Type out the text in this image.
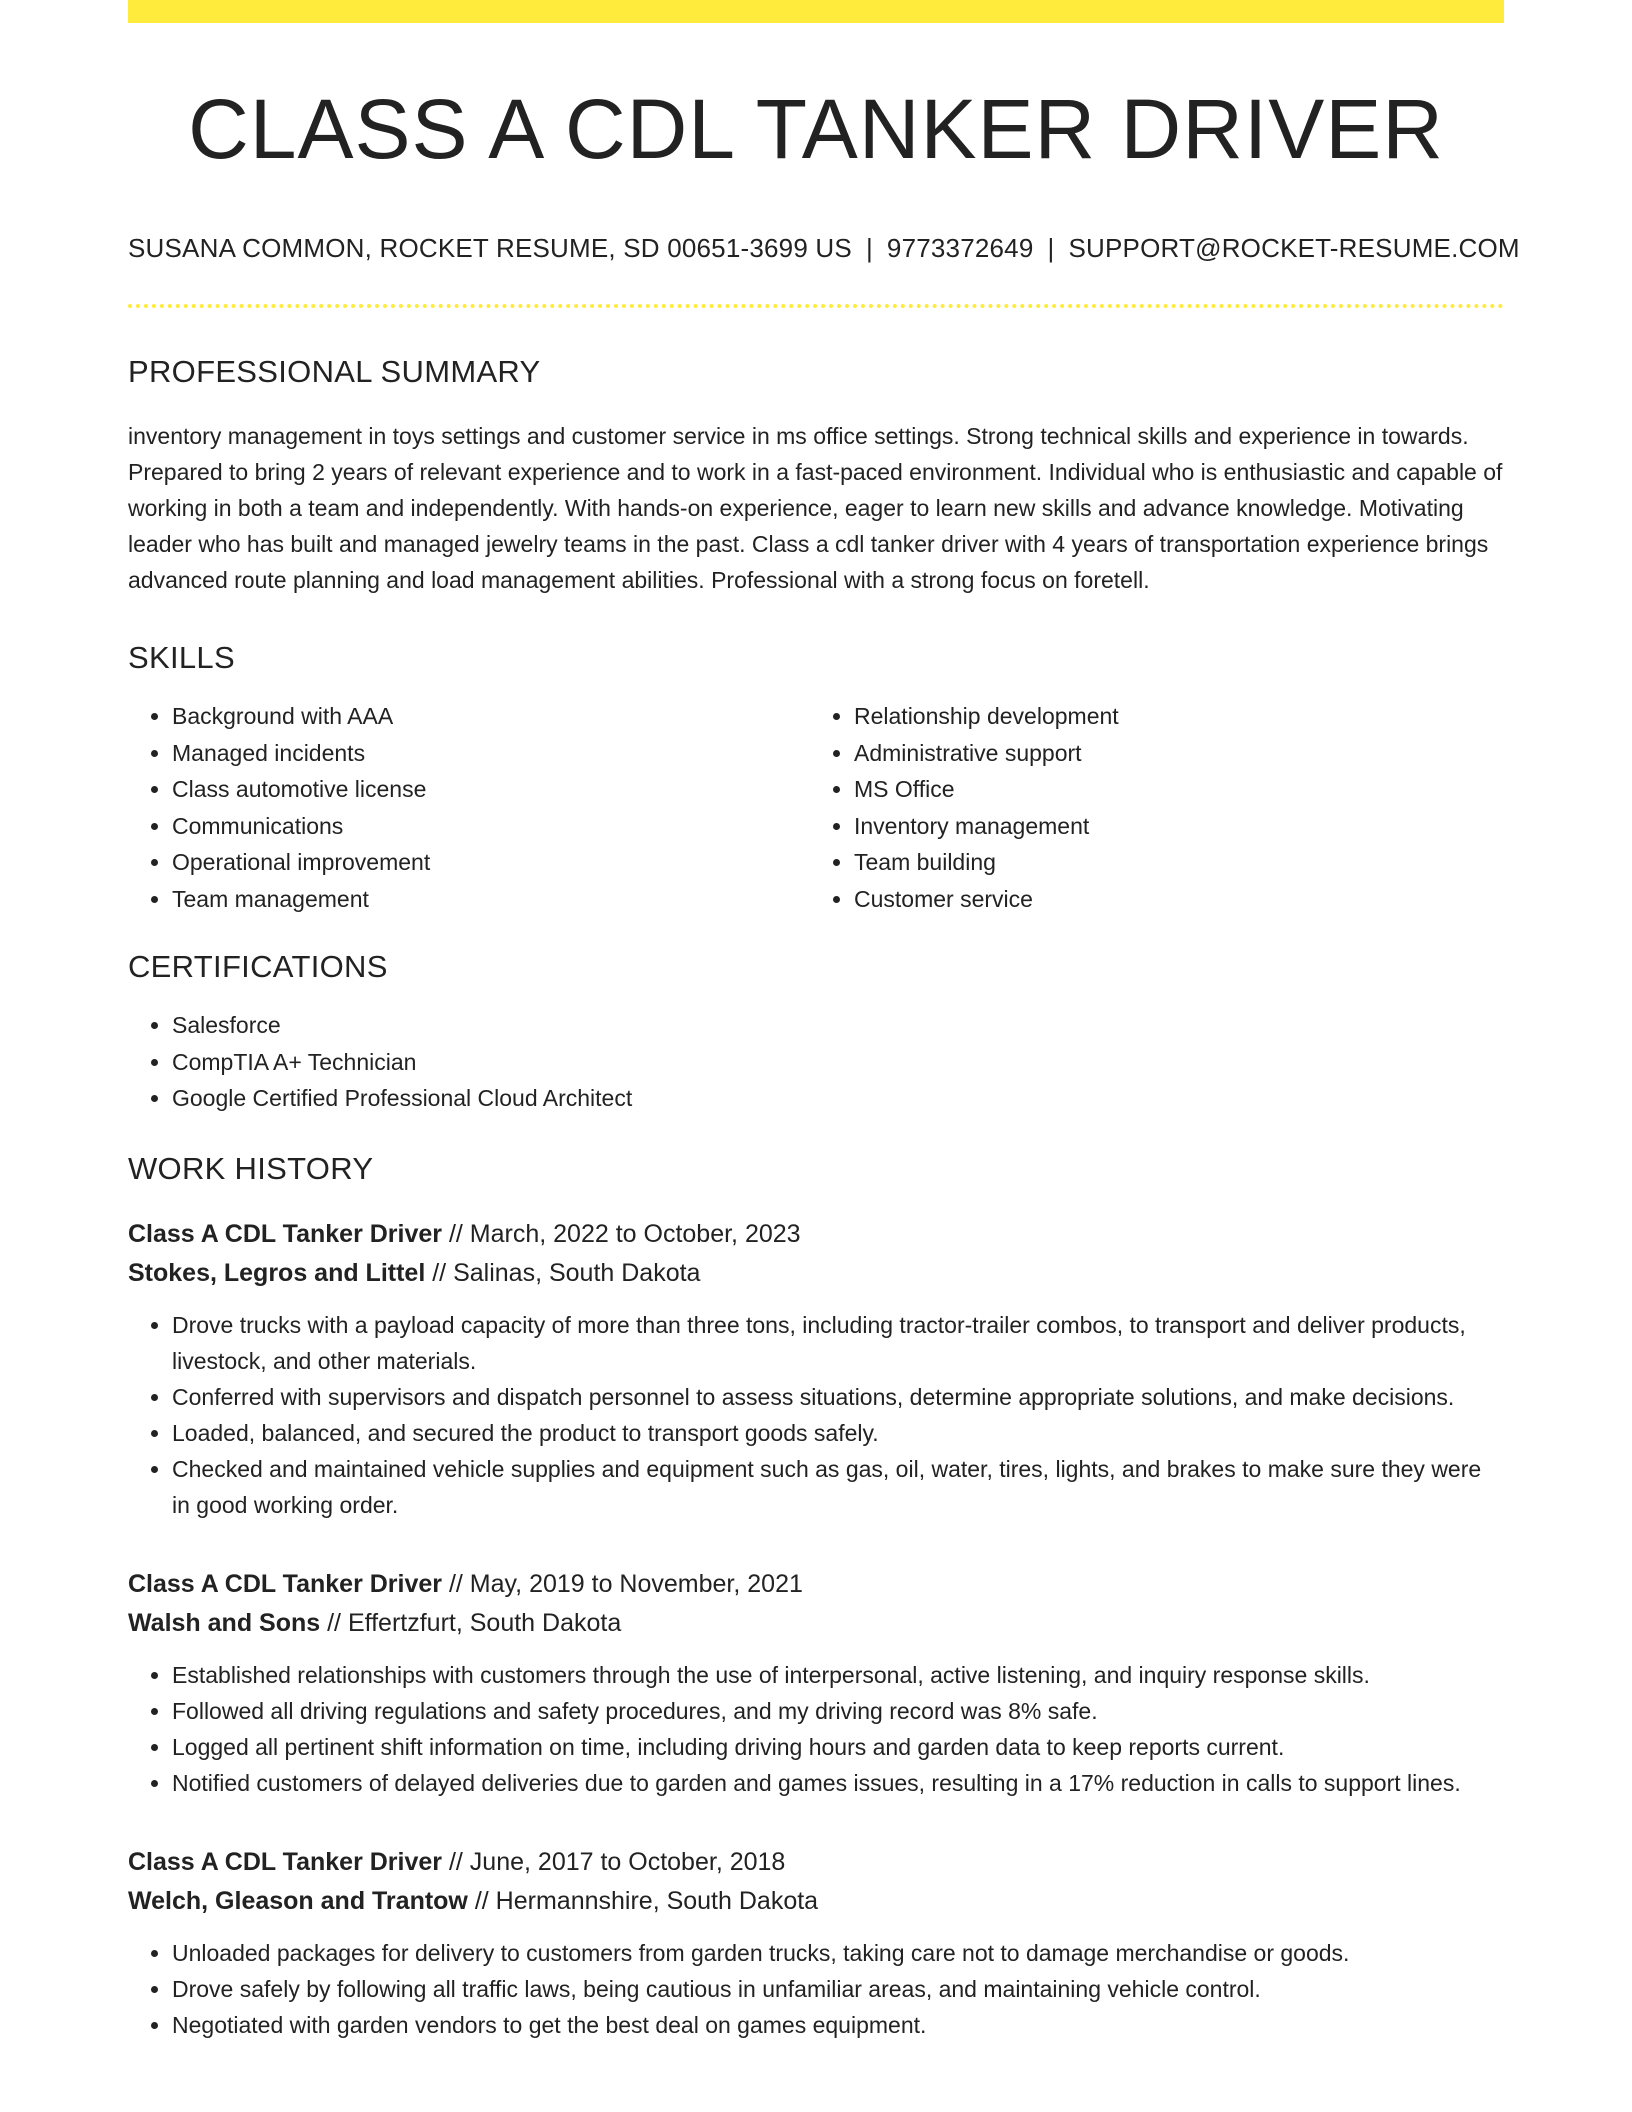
CLASS A CDL TANKER DRIVER
SUSANA COMMON, ROCKET RESUME, SD 00651-3699 US | 9773372649 | SUPPORT@ROCKET-RESUME.COM
PROFESSIONAL SUMMARY

inventory management in toys settings and customer service in ms office settings. Strong technical skills and experience in towards. Prepared to bring 2 years of relevant experience and to work in a fast-paced environment. Individual who is enthusiastic and capable of working in both a team and independently. With hands-on experience, eager to learn new skills and advance knowledge. Motivating leader who has built and managed jewelry teams in the past. Class a cdl tanker driver with 4 years of transportation experience brings advanced route planning and load management abilities. Professional with a strong focus on foretell.

SKILLS
• Background with AAA
• Managed incidents
• Class automotive license
• Communications
• Operational improvement
• Team management
• Relationship development
• Administrative support
• MS Office
• Inventory management
• Team building
• Customer service
CERTIFICATIONS
• Salesforce
• CompTIA A+ Technician
• Google Certified Professional Cloud Architect
WORK HISTORY
Class A CDL Tanker Driver // March, 2022 to October, 2023
Stokes, Legros and Littel // Salinas, South Dakota
• Drove trucks with a payload capacity of more than three tons, including tractor-trailer combos, to transport and deliver products, livestock, and other materials.
• Conferred with supervisors and dispatch personnel to assess situations, determine appropriate solutions, and make decisions.
• Loaded, balanced, and secured the product to transport goods safely.
• Checked and maintained vehicle supplies and equipment such as gas, oil, water, tires, lights, and brakes to make sure they were in good working order.
Class A CDL Tanker Driver // May, 2019 to November, 2021
Walsh and Sons // Effertzfurt, South Dakota
• Established relationships with customers through the use of interpersonal, active listening, and inquiry response skills.
• Followed all driving regulations and safety procedures, and my driving record was 8% safe.
• Logged all pertinent shift information on time, including driving hours and garden data to keep reports current.
• Notified customers of delayed deliveries due to garden and games issues, resulting in a 17% reduction in calls to support lines.
Class A CDL Tanker Driver // June, 2017 to October, 2018
Welch, Gleason and Trantow // Hermannshire, South Dakota
• Unloaded packages for delivery to customers from garden trucks, taking care not to damage merchandise or goods.
• Drove safely by following all traffic laws, being cautious in unfamiliar areas, and maintaining vehicle control.
• Negotiated with garden vendors to get the best deal on games equipment.
